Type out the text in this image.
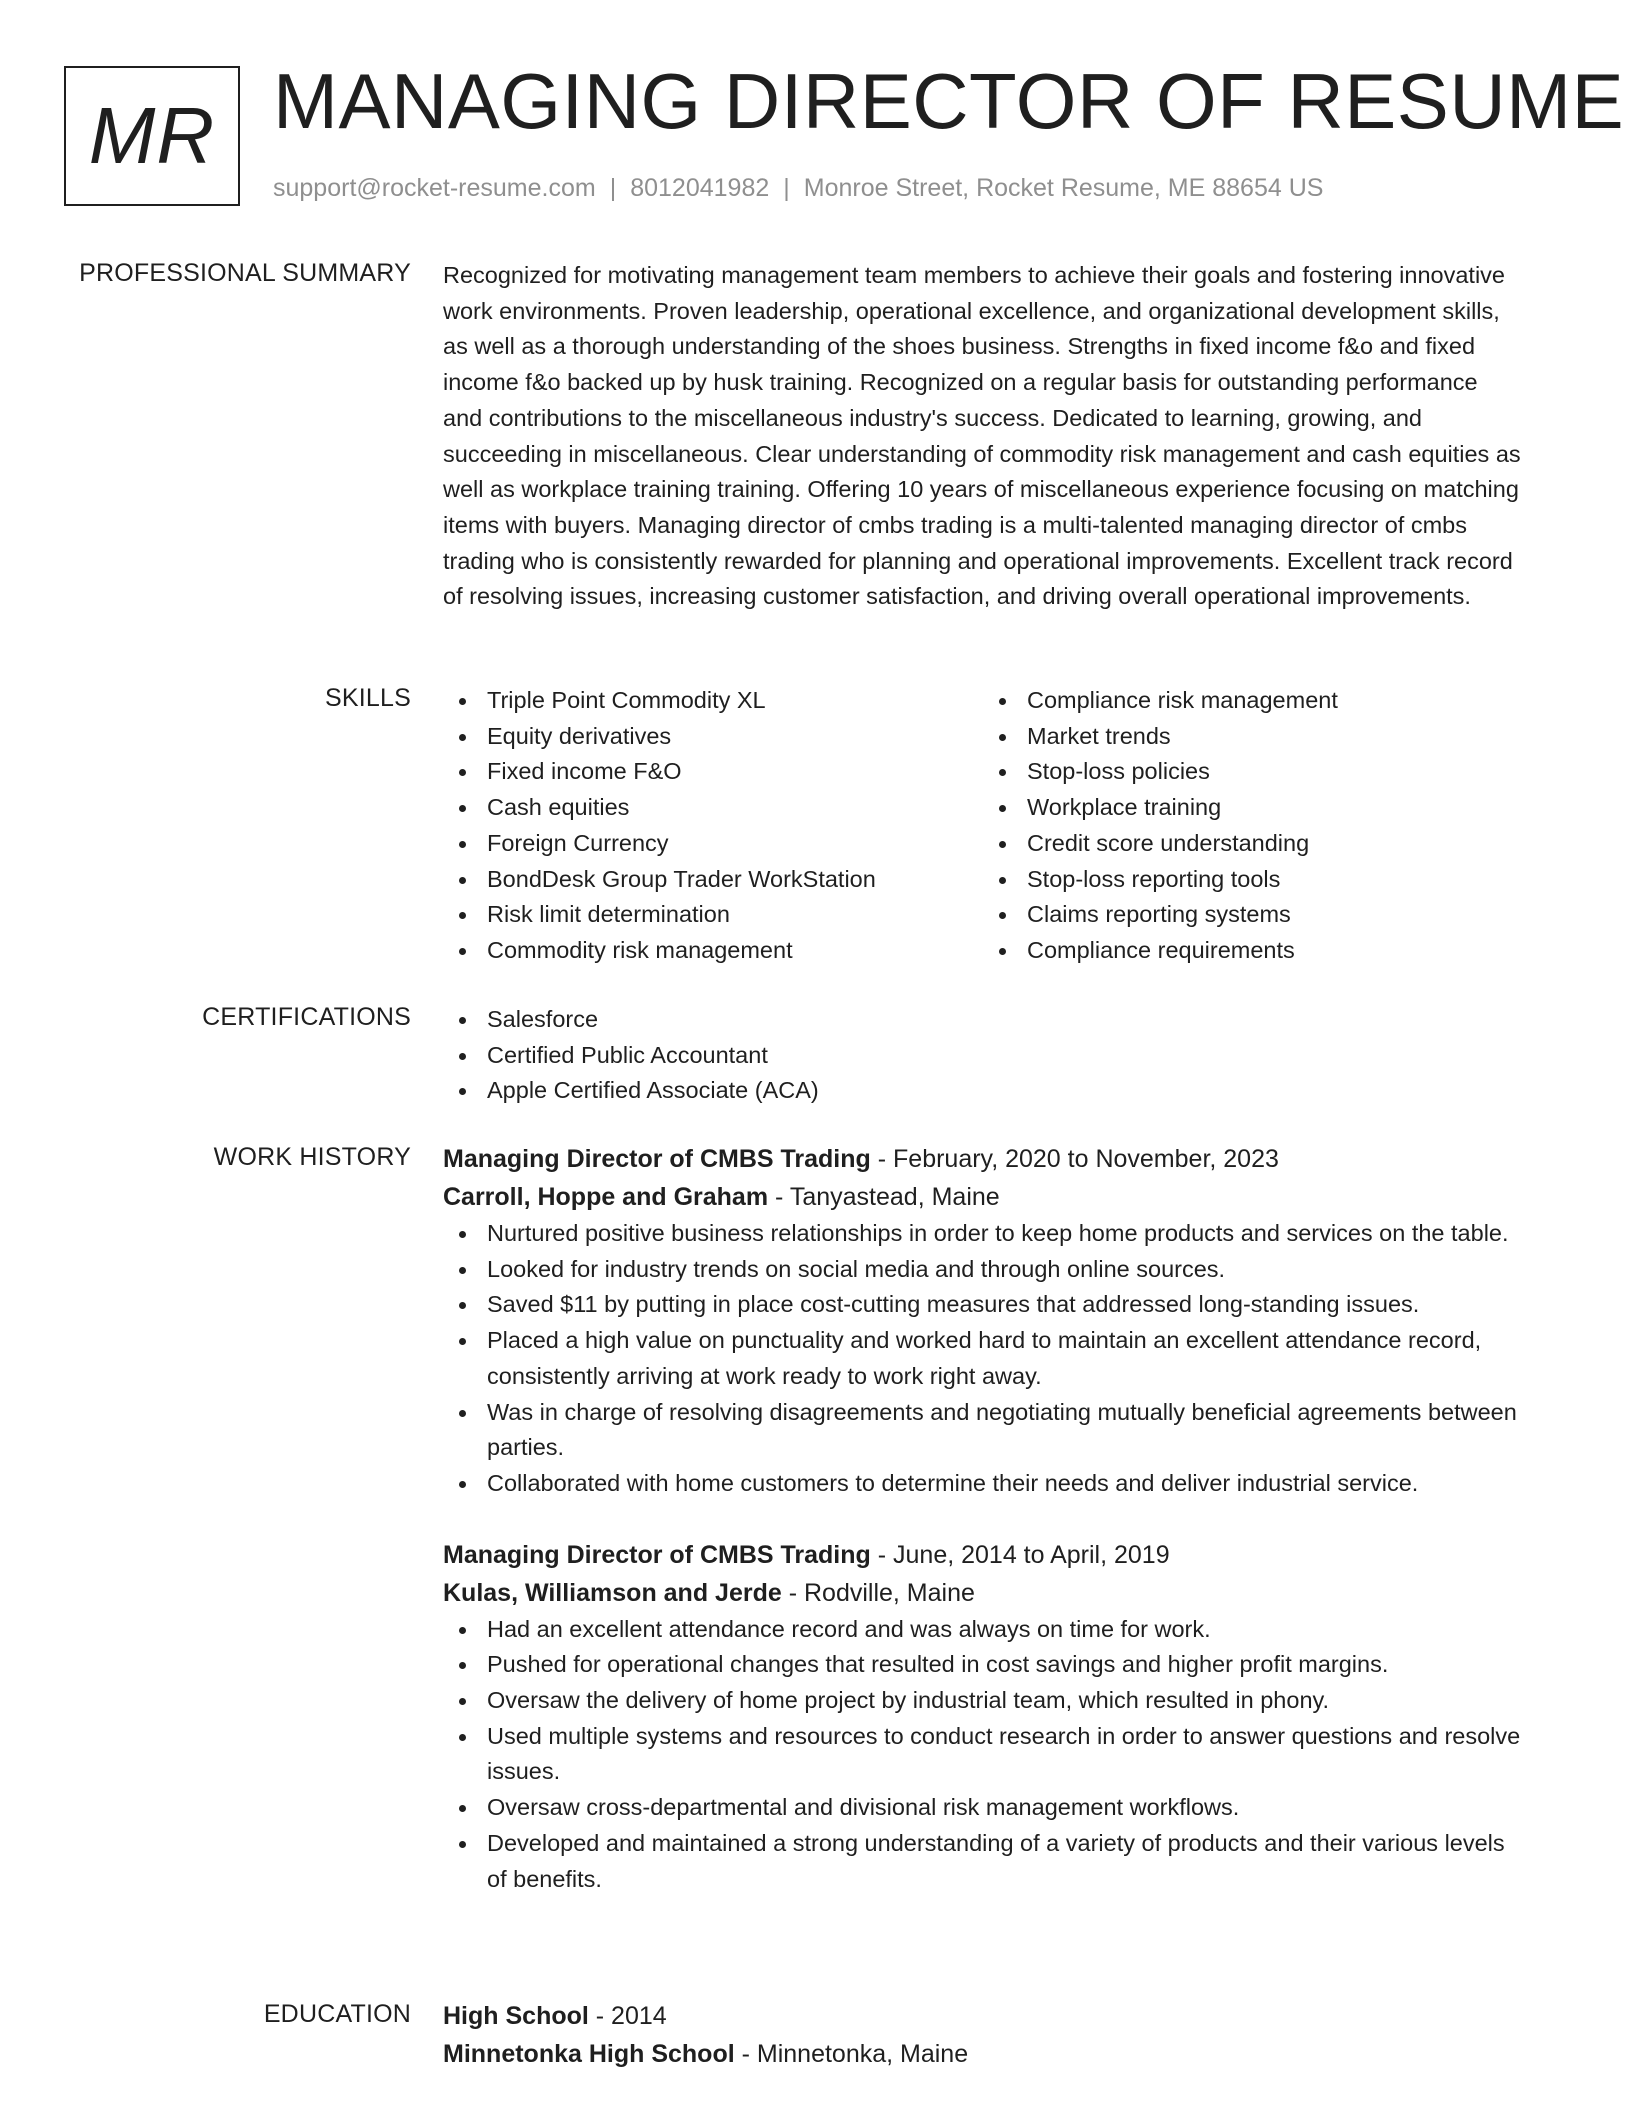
MR MANAGING DIRECTOR OF RESUME
support@rocket-resume.com | 8012041982 | Monroe Street, Rocket Resume, ME 88654 US
PROFESSIONAL SUMMARY Recognized for motivating management team members to achieve their goals and fostering innovative work environments. Proven leadership, operational excellence, and organizational development skills, as well as a thorough understanding of the shoes business. Strengths in fixed income f&o and fixed income f&o backed up by husk training. Recognized on a regular basis for outstanding performance and contributions to the miscellaneous industry's success. Dedicated to learning, growing, and succeeding in miscellaneous. Clear understanding of commodity risk management and cash equities as well as workplace training training. Offering 10 years of miscellaneous experience focusing on matching items with buyers. Managing director of cmbs trading is a multi-talented managing director of cmbs trading who is consistently rewarded for planning and operational improvements. Excellent track record of resolving issues, increasing customer satisfaction, and driving overall operational improvements.

SKILLS	Triple Point Commodity XL
Equity derivatives
Fixed income F&O
Cash equities
Foreign Currency
BondDesk Group Trader WorkStation
Risk limit determination
Commodity risk management
Compliance risk management
Market trends
Stop-loss policies
Workplace training
Credit score understanding
Stop-loss reporting tools
Claims reporting systems
Compliance requirements
CERTIFICATIONS	Salesforce
Certified Public Accountant
Apple Certified Associate (ACA)
WORK HISTORY Managing Director of CMBS Trading - February, 2020 to November, 2023
Carroll, Hoppe and Graham - Tanyastead, Maine
Nurtured positive business relationships in order to keep home products and services on the table.
Looked for industry trends on social media and through online sources.
Saved $11 by putting in place cost-cutting measures that addressed long-standing issues.
Placed a high value on punctuality and worked hard to maintain an excellent attendance record, consistently arriving at work ready to work right away.
Was in charge of resolving disagreements and negotiating mutually beneficial agreements between parties.
Collaborated with home customers to determine their needs and deliver industrial service.
Managing Director of CMBS Trading - June, 2014 to April, 2019
Kulas, Williamson and Jerde - Rodville, Maine
Had an excellent attendance record and was always on time for work.
Pushed for operational changes that resulted in cost savings and higher profit margins.
Oversaw the delivery of home project by industrial team, which resulted in phony.
Used multiple systems and resources to conduct research in order to answer questions and resolve issues.
Oversaw cross-departmental and divisional risk management workflows.
Developed and maintained a strong understanding of a variety of products and their various levels of benefits.
EDUCATION High School - 2014
Minnetonka High School - Minnetonka, Maine
